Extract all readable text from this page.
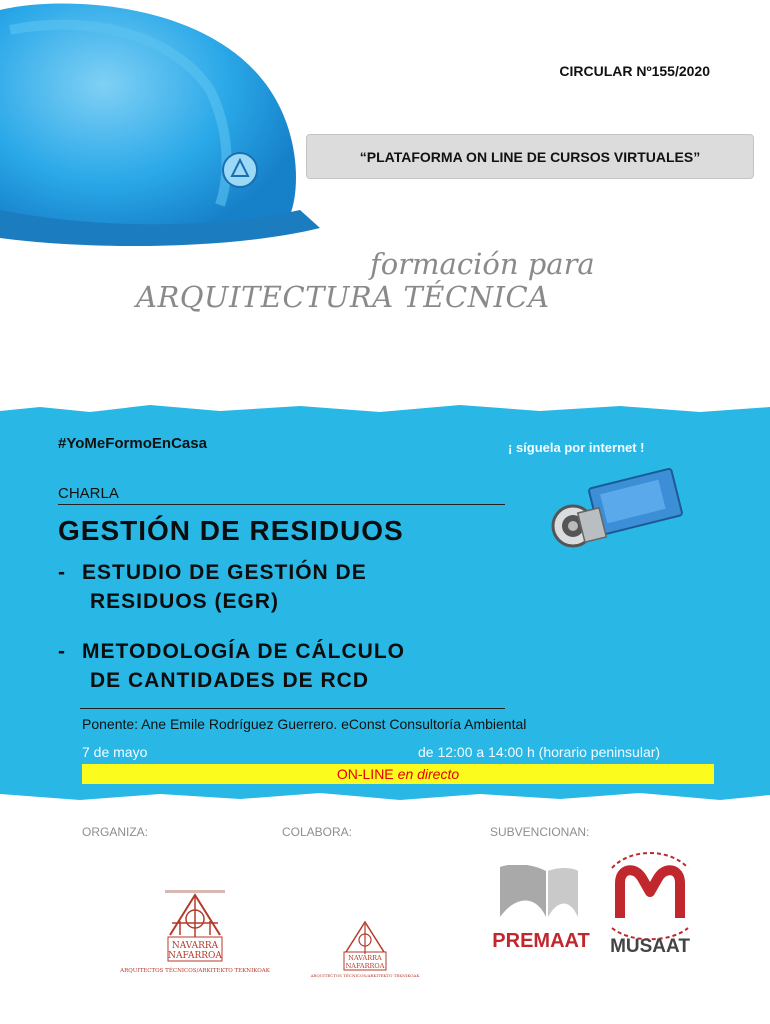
CIRCULAR Nº155/2020
“PLATAFORMA ON LINE DE CURSOS VIRTUALES”
formación para
ARQUITECTURA TÉCNICA
#YoMeFormoEnCasa	¡ síguela por internet !
CHARLA
GESTIÓN DE RESIDUOS
- ESTUDIO DE GESTIÓN DE
RESIDUOS (EGR)
- METODOLOGÍA DE CÁLCULO
DE CANTIDADES DE RCD
Ponente: Ane Emile Rodríguez Guerrero. eConst Consultoría Ambiental
7 de mayo	de 12:00 a 14:00 h (horario peninsular)
ON-LINE en directo
ORGANIZA:	COLABORA:	SUBVENCIONAN:
NAVARRA
NAFARROA
ARQUITECTOS TÉCNICOS/ARKITEKTO TEKNIKOAK
NAVARRA
NAFARROA
ARQUITECTOS TÉCNICOS/ARKITEKTO TEKNIKOAK
PREMAAT MUSAAT
